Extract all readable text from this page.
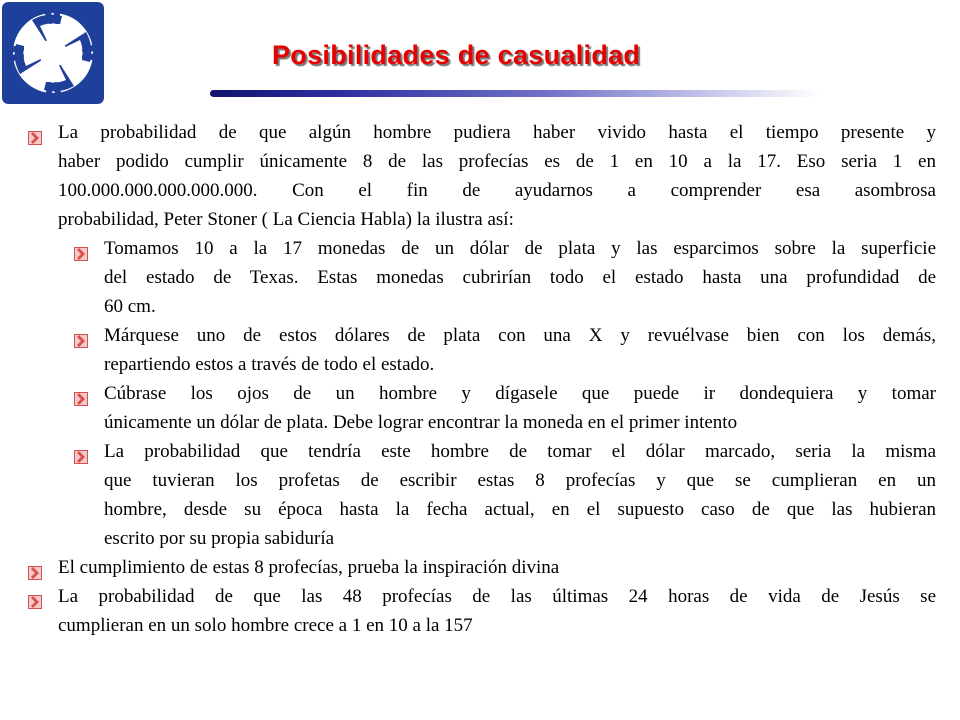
Posibilidades de casualidad
La probabilidad de que algún hombre pudiera haber vivido hasta el tiempo presente y
haber podido cumplir únicamente 8 de las profecías es de 1 en 10 a la 17. Eso seria 1 en
100.000.000.000.000.000. Con el fin de ayudarnos a comprender esa asombrosa
probabilidad, Peter Stoner ( La Ciencia Habla) la ilustra así:
Tomamos 10 a la 17 monedas de un dólar de plata y las esparcimos sobre la superficie
del estado de Texas. Estas monedas cubrirían todo el estado hasta una profundidad de
60 cm.
Márquese uno de estos dólares de plata con una X y revuélvase bien con los demás,
repartiendo estos a través de todo el estado.
Cúbrase los ojos de un hombre y dígasele que puede ir dondequiera y tomar
únicamente un dólar de plata. Debe lograr encontrar la moneda en el primer intento
La probabilidad que tendría este hombre de tomar el dólar marcado, seria la misma
que tuvieran los profetas de escribir estas 8 profecías y que se cumplieran en un
hombre, desde su época hasta la fecha actual, en el supuesto caso de que las hubieran
escrito por su propia sabiduría
El cumplimiento de estas 8 profecías, prueba la inspiración divina
La probabilidad de que las 48 profecías de las últimas 24 horas de vida de Jesús se
cumplieran en un solo hombre crece a 1 en 10 a la 157
